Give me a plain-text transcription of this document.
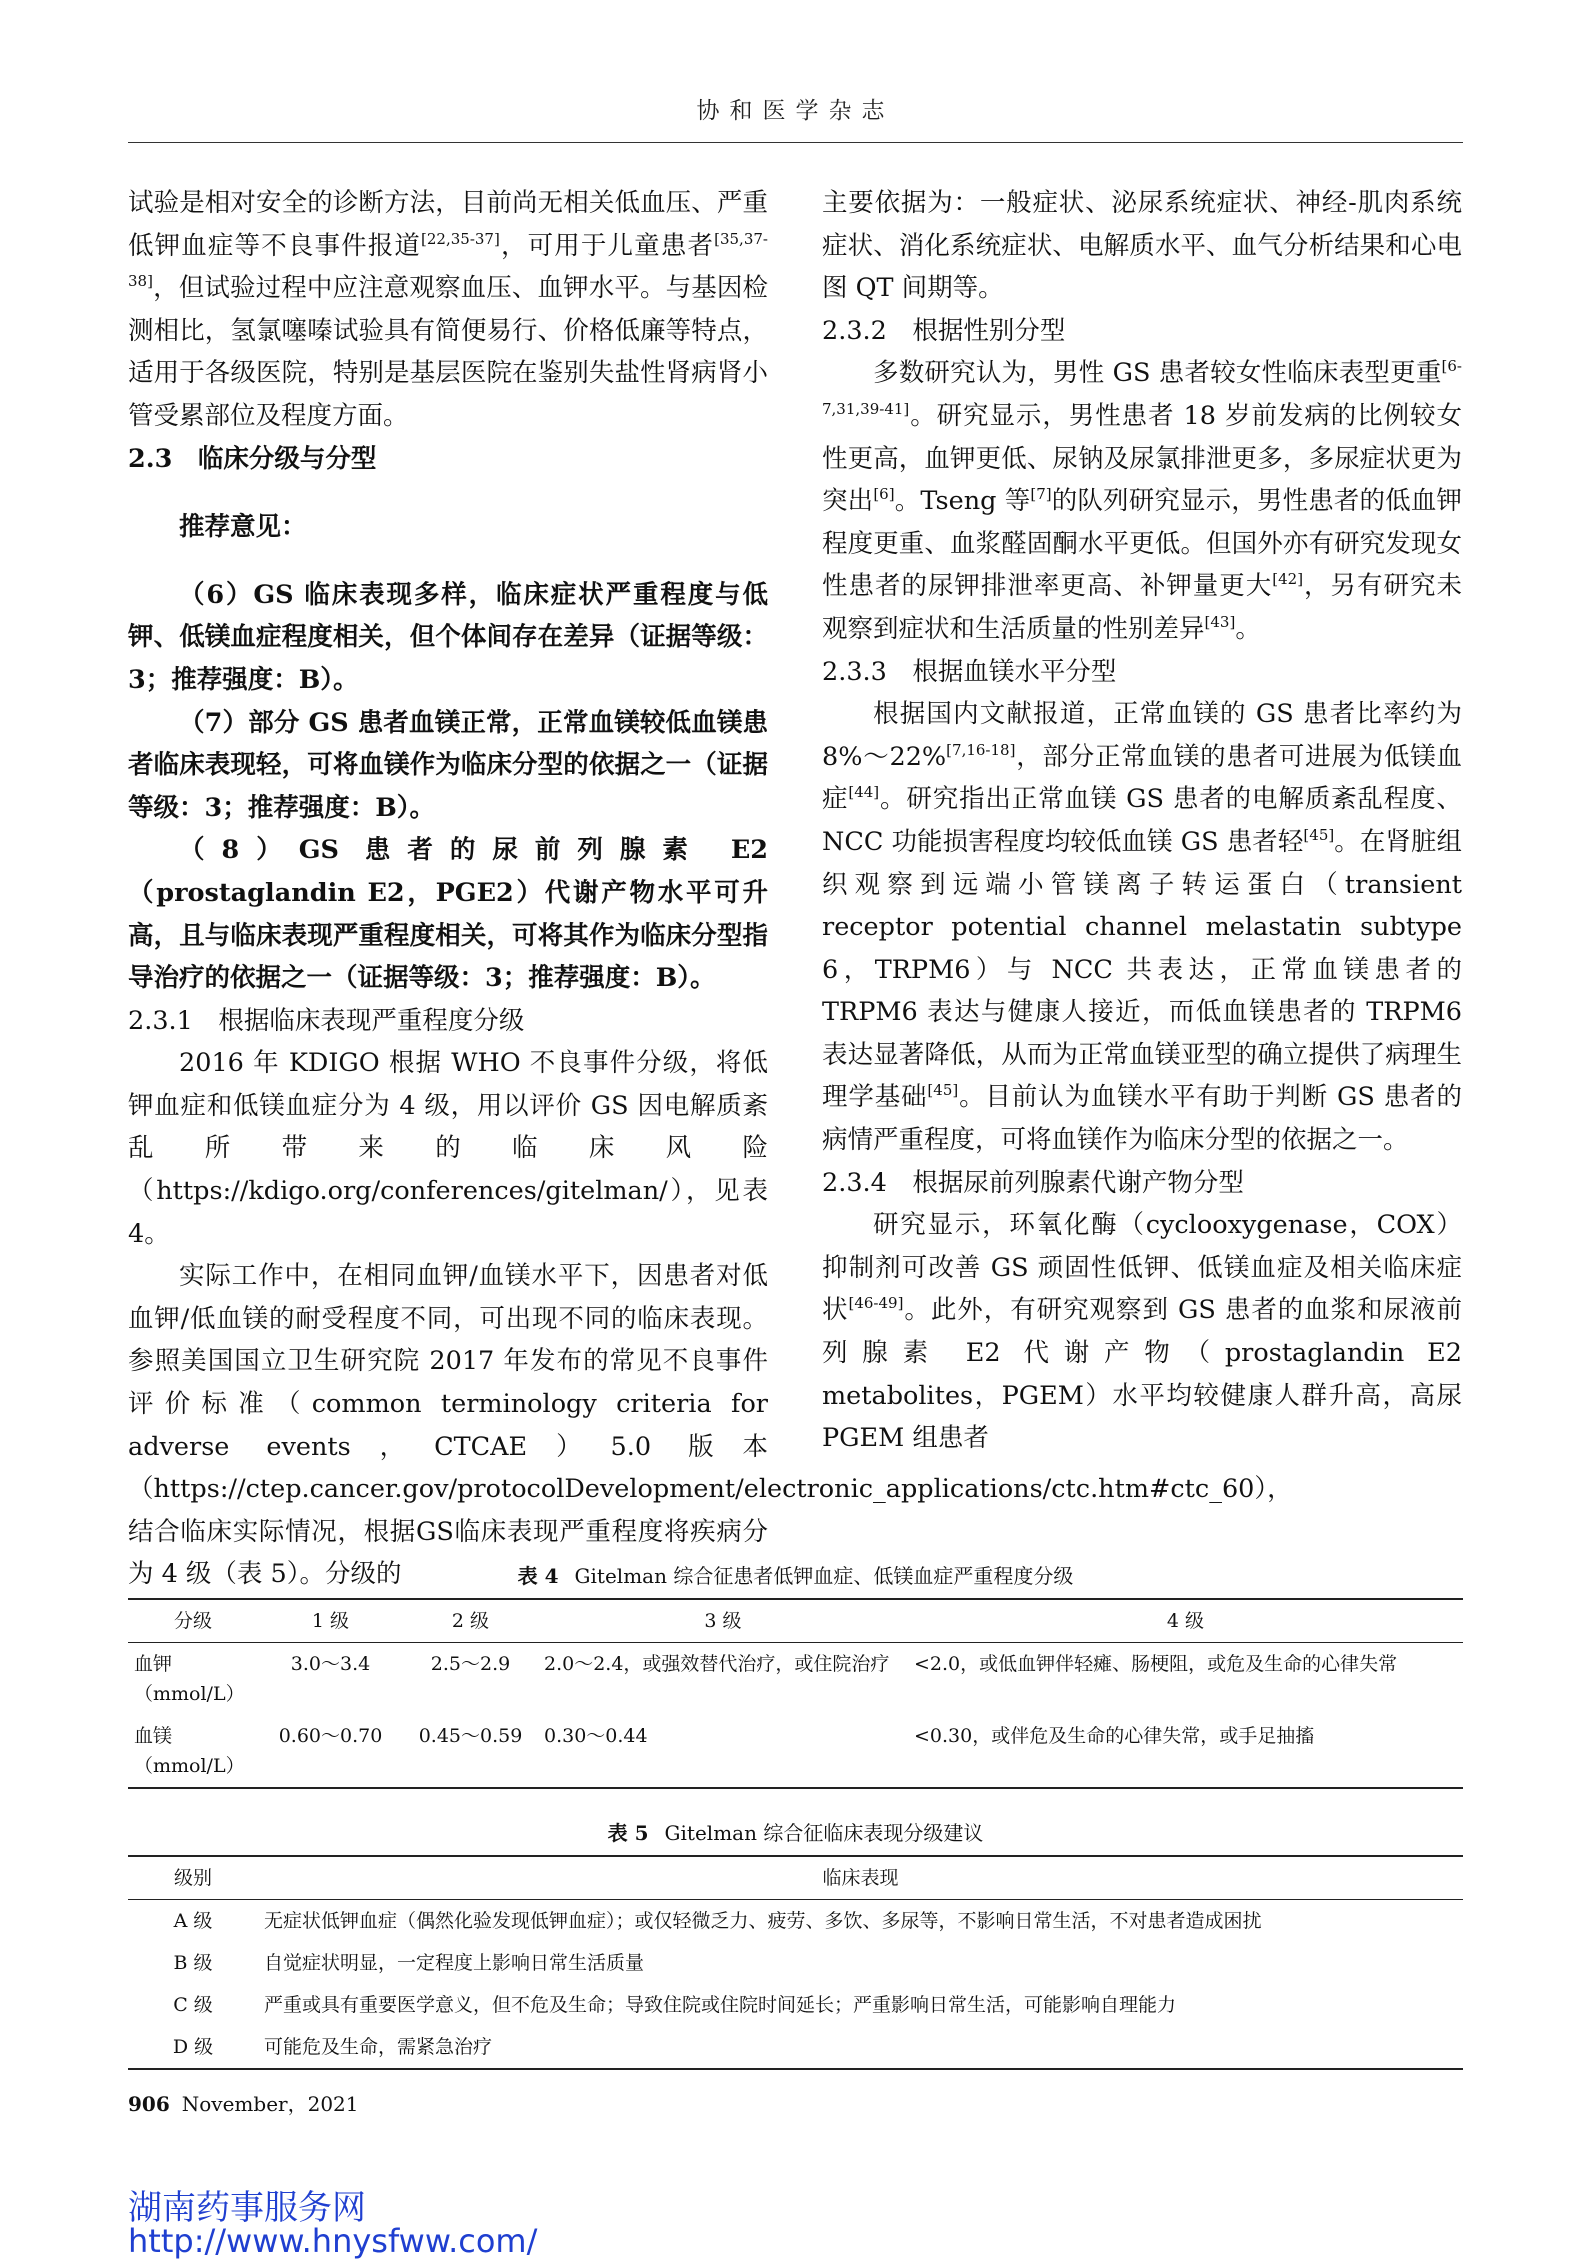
协和医学杂志

试验是相对安全的诊断方法，目前尚无相关低血压、严重低钾血症等不良事件报道[22,35-37]，可用于儿童患者[35,37-38]，但试验过程中应注意观察血压、血钾水平。与基因检测相比，氢氯噻嗪试验具有简便易行、价格低廉等特点，适用于各级医院，特别是基层医院在鉴别失盐性肾病肾小管受累部位及程度方面。

2.3　临床分级与分型

推荐意见：

（6）GS 临床表现多样，临床症状严重程度与低钾、低镁血症程度相关，但个体间存在差异（证据等级：3；推荐强度：B）。

（7）部分 GS 患者血镁正常，正常血镁较低血镁患者临床表现轻，可将血镁作为临床分型的依据之一（证据等级：3；推荐强度：B）。

（8）GS 患者的尿前列腺素 E2（prostaglandin E2，PGE2）代谢产物水平可升高，且与临床表现严重程度相关，可将其作为临床分型指导治疗的依据之一（证据等级：3；推荐强度：B）。

2.3.1　根据临床表现严重程度分级

2016 年 KDIGO 根据 WHO 不良事件分级，将低钾血症和低镁血症分为 4 级，用以评价 GS 因电解质紊乱所带来的临床风险（https://kdigo.org/conferences/gitelman/），见表 4。

实际工作中，在相同血钾/血镁水平下，因患者对低血钾/低血镁的耐受程度不同，可出现不同的临床表现。参照美国国立卫生研究院 2017 年发布的常见不良事件评价标准（common terminology criteria for adverse events，CTCAE）5.0 版本（https://ctep.cancer.gov/protocolDevelopment/electronic_applications/ctc.htm#ctc_60），结合临床实际情况，根据GS临床表现严重程度将疾病分为 4 级（表 5）。分级的

主要依据为：一般症状、泌尿系统症状、神经-肌肉系统症状、消化系统症状、电解质水平、血气分析结果和心电图 QT 间期等。

2.3.2　根据性别分型

多数研究认为，男性 GS 患者较女性临床表型更重[6-7,31,39-41]。研究显示，男性患者 18 岁前发病的比例较女性更高，血钾更低、尿钠及尿氯排泄更多，多尿症状更为突出[6]。Tseng 等[7]的队列研究显示，男性患者的低血钾程度更重、血浆醛固酮水平更低。但国外亦有研究发现女性患者的尿钾排泄率更高、补钾量更大[42]，另有研究未观察到症状和生活质量的性别差异[43]。

2.3.3　根据血镁水平分型

根据国内文献报道，正常血镁的 GS 患者比率约为 8%～22%[7,16-18]，部分正常血镁的患者可进展为低镁血症[44]。研究指出正常血镁 GS 患者的电解质紊乱程度、NCC 功能损害程度均较低血镁 GS 患者轻[45]。在肾脏组织观察到远端小管镁离子转运蛋白（transient receptor potential channel melastatin subtype 6，TRPM6）与 NCC 共表达，正常血镁患者的 TRPM6 表达与健康人接近，而低血镁患者的 TRPM6表达显著降低，从而为正常血镁亚型的确立提供了病理生理学基础[45]。目前认为血镁水平有助于判断 GS 患者的病情严重程度，可将血镁作为临床分型的依据之一。

2.3.4　根据尿前列腺素代谢产物分型

研究显示，环氧化酶（cyclooxygenase，COX）抑制剂可改善 GS 顽固性低钾、低镁血症及相关临床症状[46-49]。此外，有研究观察到 GS 患者的血浆和尿液前列腺素 E2 代谢产物（prostaglandin E2 metabolites，PGEM）水平均较健康人群升高，高尿 PGEM 组患者

表 4 Gitelman 综合征患者低钾血症、低镁血症严重程度分级
分级	1 级	2 级	3 级	4 级
血钾（mmol/L）	3.0～3.4	2.5～2.9	2.0～2.4，或强效替代治疗，或住院治疗	<2.0，或低血钾伴轻瘫、肠梗阻，或危及生命的心律失常
血镁（mmol/L）	0.60～0.70	0.45～0.59	0.30～0.44	<0.30，或伴危及生命的心律失常，或手足抽搐
表 5 Gitelman 综合征临床表现分级建议
级别	临床表现
A 级	无症状低钾血症（偶然化验发现低钾血症）；或仅轻微乏力、疲劳、多饮、多尿等，不影响日常生活，不对患者造成困扰
B 级	自觉症状明显，一定程度上影响日常生活质量
C 级	严重或具有重要医学意义，但不危及生命；导致住院或住院时间延长；严重影响日常生活，可能影响自理能力
D 级	可能危及生命，需紧急治疗
906 November，2021
湖南药事服务网
http://www.hnysfww.com/
